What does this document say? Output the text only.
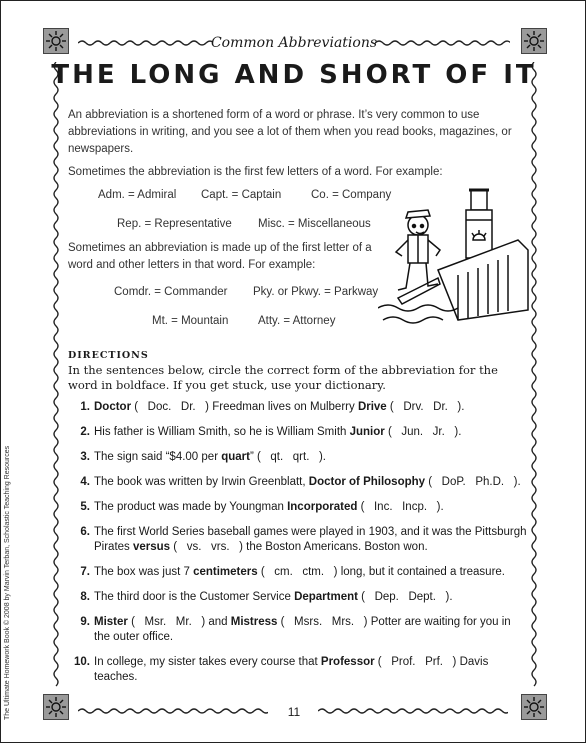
Common Abbreviations
THE LONG AND SHORT OF IT

An abbreviation is a shortened form of a word or phrase. It’s very common to use abbreviations in writing, and you see a lot of them when you read books, magazines, or newspapers.

Sometimes the abbreviation is the first few letters of a word. For example:

Adm. = Admiral Capt. = Captain	Co. = Company
Rep. = Representative Misc. = Miscellaneous
Sometimes an abbreviation is made up of the first letter of a word and other letters in that word. For example:
Comdr. = Commander Pky. or Pkwy. = Parkway
Mt. = Mountain	Atty. = Attorney
DIRECTIONS
In the sentences below, circle the correct form of the abbreviation for the word in boldface. If you get stuck, use your dictionary.
1. Doctor (   Doc.   Dr.   ) Freedman lives on Mulberry Drive (   Drv.   Dr.   ).
2. His father is William Smith, so he is William Smith Junior (   Jun.   Jr.   ).
3. The sign said “$4.00 per quart” (   qt.   qrt.   ).
4. The book was written by Irwin Greenblatt, Doctor of Philosophy (   DoP.   Ph.D.   ).
5. The product was made by Youngman Incorporated (   Inc.   Incp.   ).
6. The first World Series baseball games were played in 1903, and it was the Pittsburgh Pirates versus (   vs.   vrs.   ) the Boston Americans. Boston won.
7. The box was just 7 centimeters (   cm.   ctm.   ) long, but it contained a treasure.
8. The third door is the Customer Service Department (   Dep.   Dept.   ).
9. Mister (   Msr.   Mr.   ) and Mistress (   Msrs.   Mrs.   ) Potter are waiting for you in the outer office.
10. In college, my sister takes every course that Professor (   Prof.   Prf.   ) Davis teaches.
11
The Ultimate Homework Book © 2008 by Marvin Terban, Scholastic Teaching Resources
